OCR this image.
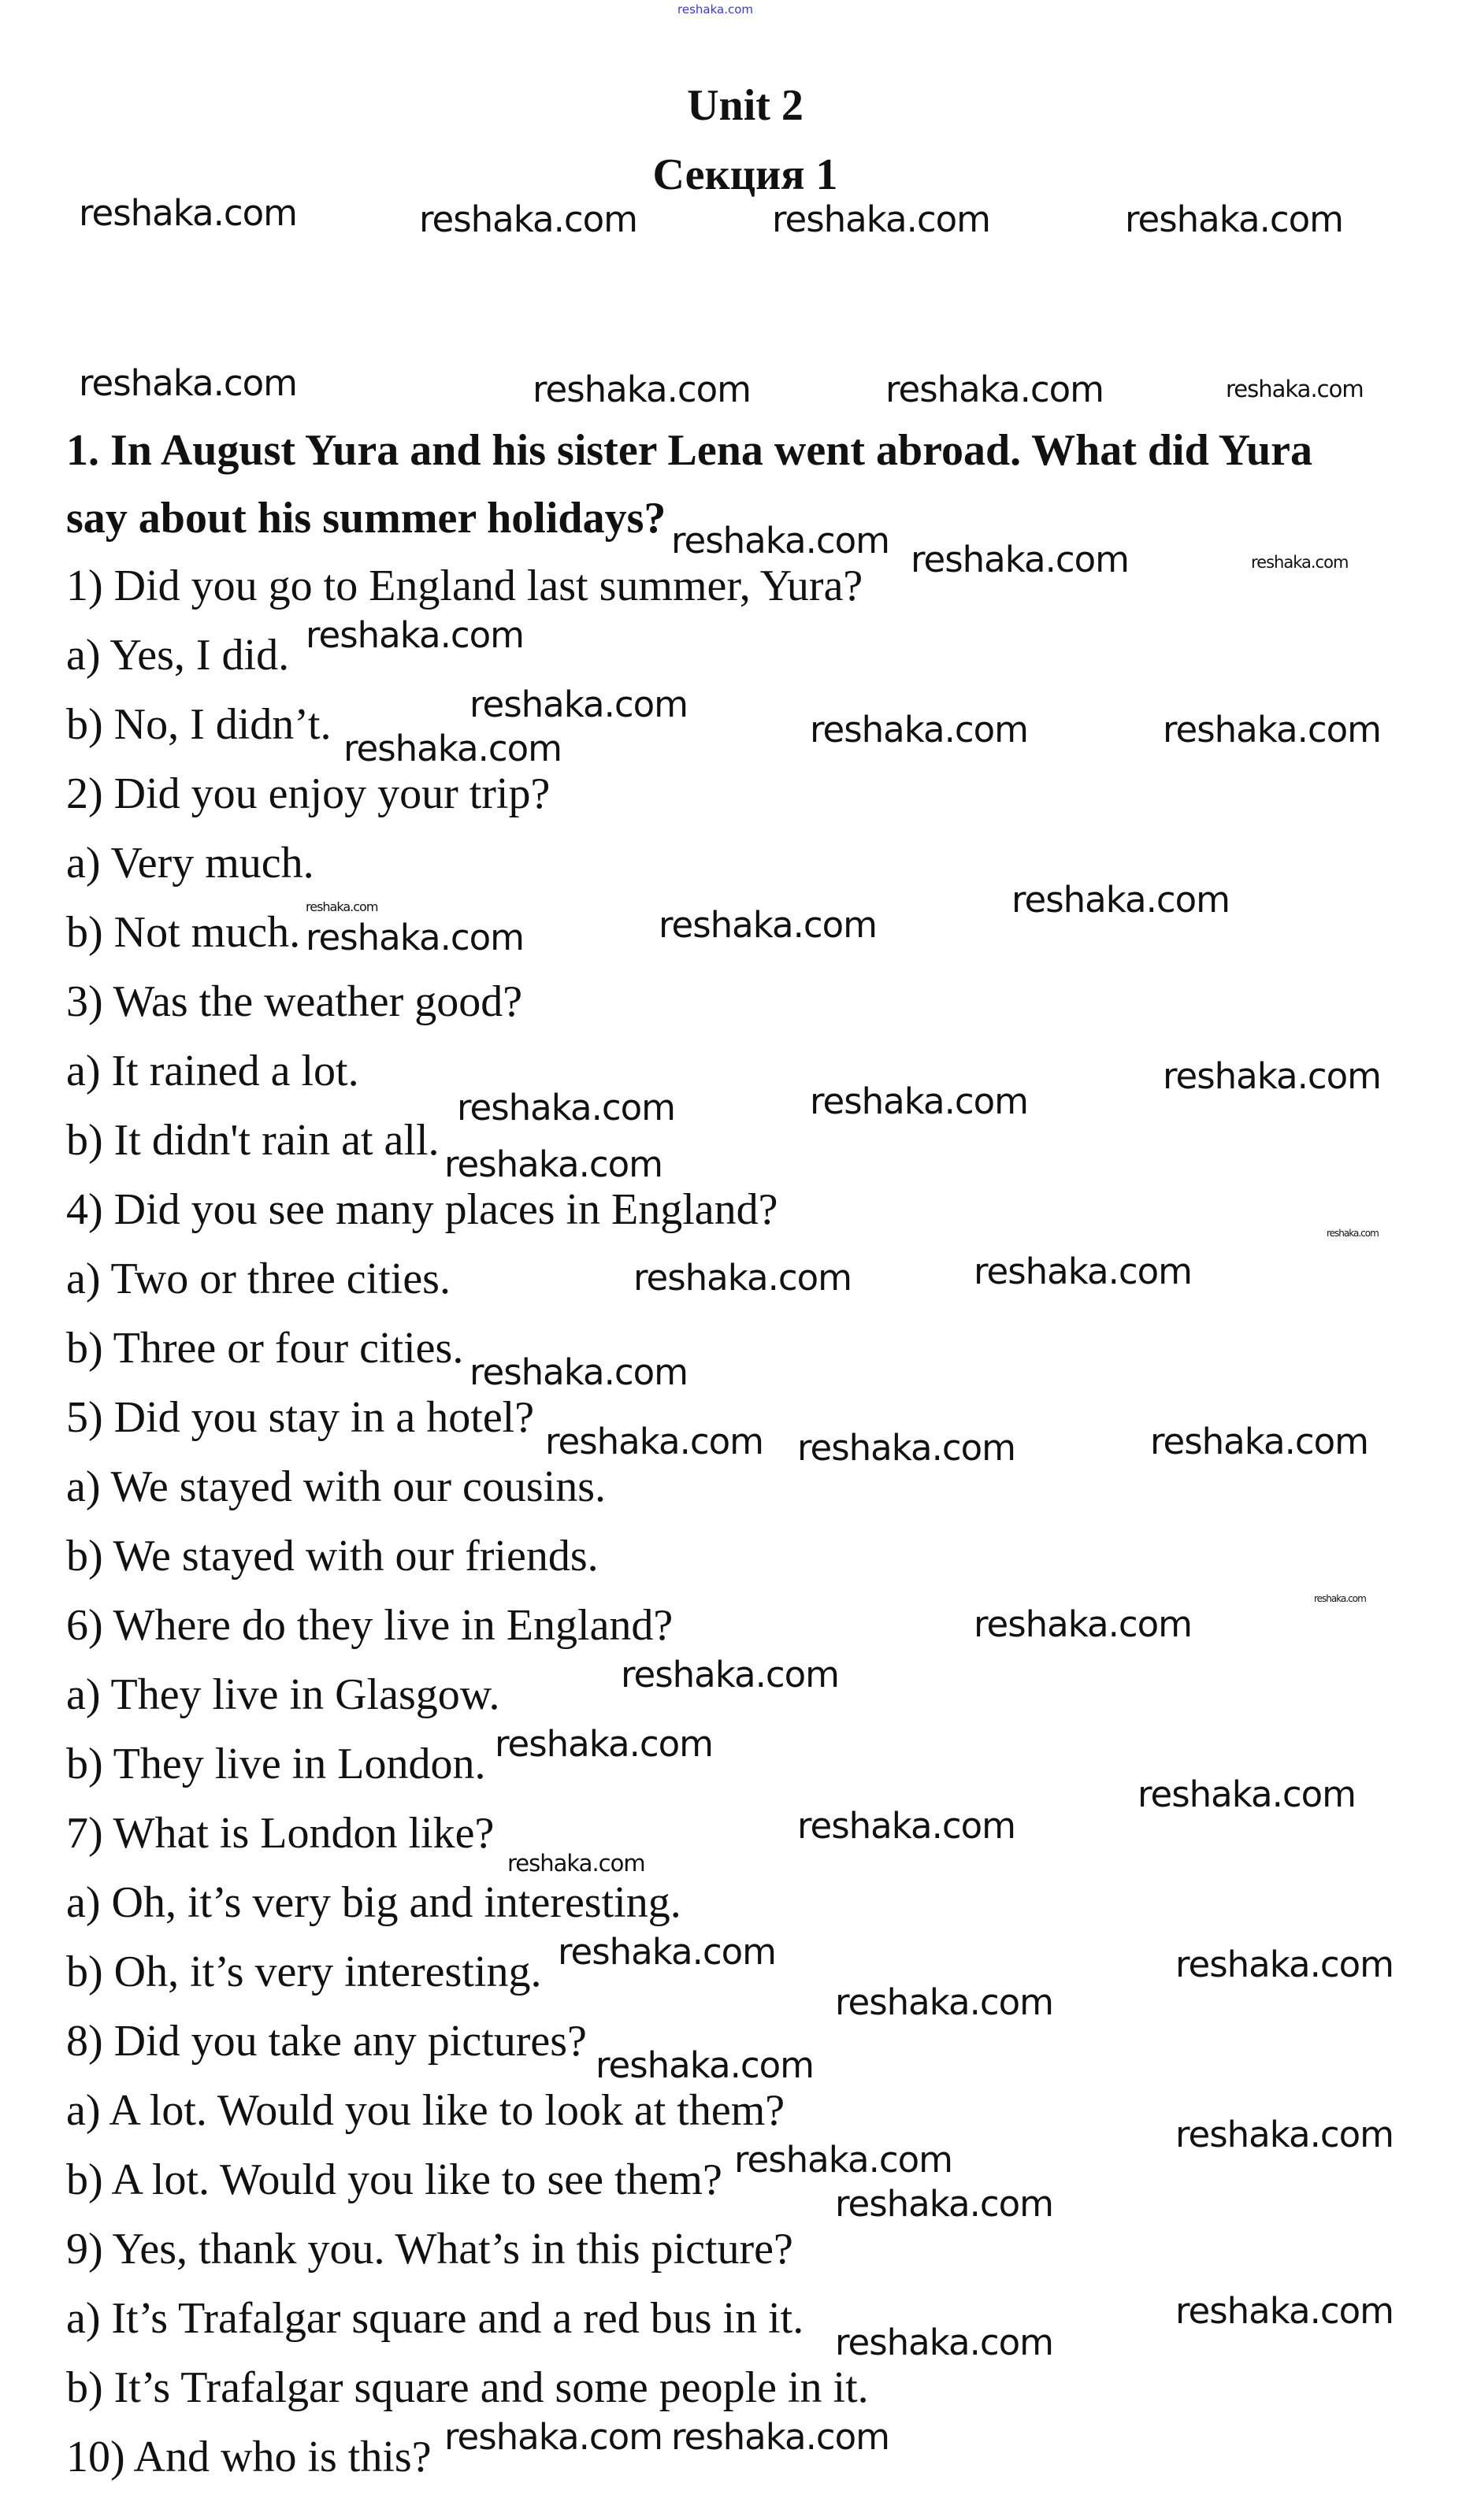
reshaka.com
Unit 2
Секция 1
1. In August Yura and his sister Lena went abroad. What did Yura
say about his summer holidays?
1) Did you go to England last summer, Yura?
a) Yes, I did.
b) No, I didn’t.
2) Did you enjoy your trip?
a) Very much.
b) Not much.
3) Was the weather good?
a) It rained a lot.
b) It didn't rain at all.
4) Did you see many places in England?
a) Two or three cities.
b) Three or four cities.
5) Did you stay in a hotel?
a) We stayed with our cousins.
b) We stayed with our friends.
6) Where do they live in England?
a) They live in Glasgow.
b) They live in London.
7) What is London like?
a) Oh, it’s very big and interesting.
b) Oh, it’s very interesting.
8) Did you take any pictures?
a) A lot. Would you like to look at them?
b) A lot. Would you like to see them?
9) Yes, thank you. What’s in this picture?
a) It’s Trafalgar square and a red bus in it.
b) It’s Trafalgar square and some people in it.
10) And who is this?
reshaka.com	reshaka.com	reshaka.com	reshaka.com
reshaka.com	reshaka.com	reshaka.com	reshaka.com
reshaka.com
reshaka.com reshaka.com	reshaka.com
reshaka.com	reshaka.com
reshaka.com
reshaka.com
reshaka.com
reshaka.com	reshaka.com
reshaka.com
reshaka.com
reshaka.com	reshaka.com
reshaka.com
reshaka.com	reshaka.com
reshaka.com
reshaka.com
reshaka.com reshaka.com	reshaka.com
reshaka.com
reshaka.com
reshaka.com
reshaka.com
reshaka.com
reshaka.com
reshaka.com
reshaka.com	reshaka.com
reshaka.com
reshaka.com
reshaka.com
reshaka.com
reshaka.com
reshaka.com
reshaka.com reshaka.com
reshaka.com
